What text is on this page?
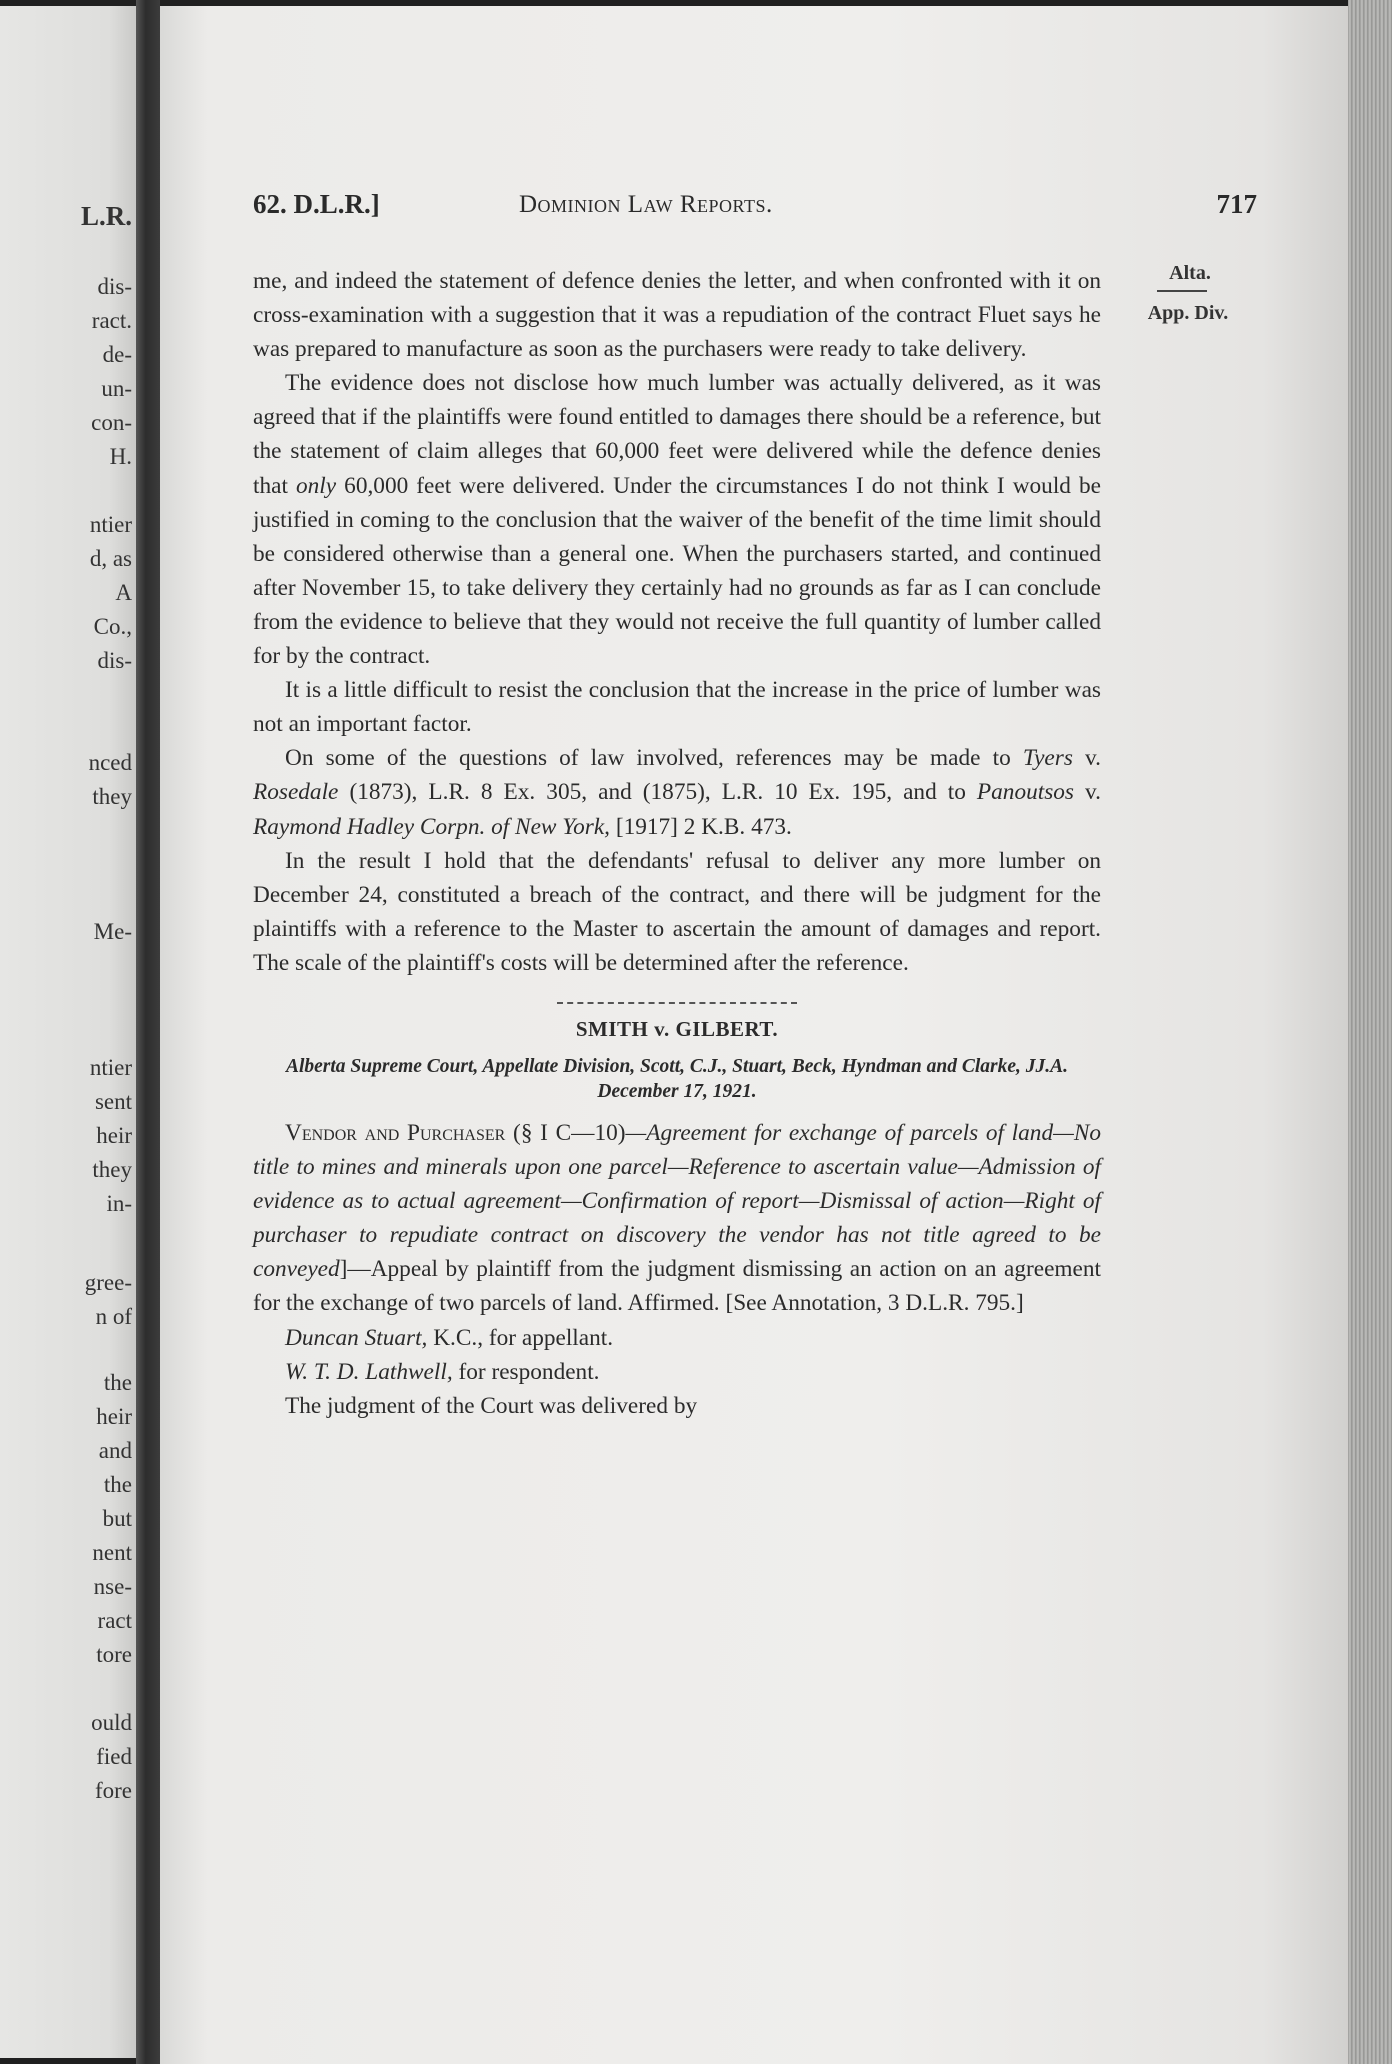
L.R.
dis-
ract.
de-
un-
con-
H.
ntier
d, as
A
Co.,
dis-
nced
they
Me-
ntier
sent
heir
they
in-
gree-
n of
the
heir
and
the
but
nent
nse-
ract
tore
ould
fied
fore
62. D.L.R.]	Dominion Law Reports.	717
Alta.
App. Div.

me, and indeed the statement of defence denies the letter, and when confronted with it on cross-examination with a suggestion that it was a repudiation of the contract Fluet says he was prepared to manufacture as soon as the purchasers were ready to take delivery.

The evidence does not disclose how much lumber was actually delivered, as it was agreed that if the plaintiffs were found entitled to damages there should be a reference, but the statement of claim alleges that 60,000 feet were delivered while the defence denies that only 60,000 feet were delivered. Under the circumstances I do not think I would be justified in coming to the conclusion that the waiver of the benefit of the time limit should be considered otherwise than a general one. When the purchasers started, and continued after November 15, to take delivery they certainly had no grounds as far as I can conclude from the evidence to believe that they would not receive the full quantity of lumber called for by the contract.

It is a little difficult to resist the conclusion that the increase in the price of lumber was not an important factor.

On some of the questions of law involved, references may be made to Tyers v. Rosedale (1873), L.R. 8 Ex. 305, and (1875), L.R. 10 Ex. 195, and to Panoutsos v. Raymond Hadley Corpn. of New York, [1917] 2 K.B. 473.

In the result I hold that the defendants' refusal to deliver any more lumber on December 24, constituted a breach of the contract, and there will be judgment for the plaintiffs with a reference to the Master to ascertain the amount of damages and report. The scale of the plaintiff's costs will be determined after the reference.

SMITH v. GILBERT.
Alberta Supreme Court, Appellate Division, Scott, C.J., Stuart, Beck, Hyndman and Clarke, JJ.A. December 17, 1921.

Vendor and Purchaser (§ I C—10)—Agreement for exchange of parcels of land—No title to mines and minerals upon one parcel—Reference to ascertain value—Admission of evidence as to actual agreement—Confirmation of report—Dismissal of action—Right of purchaser to repudiate contract on discovery the vendor has not title agreed to be conveyed]—Appeal by plaintiff from the judgment dismissing an action on an agreement for the exchange of two parcels of land. Affirmed. [See Annotation, 3 D.L.R. 795.]

Duncan Stuart, K.C., for appellant.

W. T. D. Lathwell, for respondent.

The judgment of the Court was delivered by
